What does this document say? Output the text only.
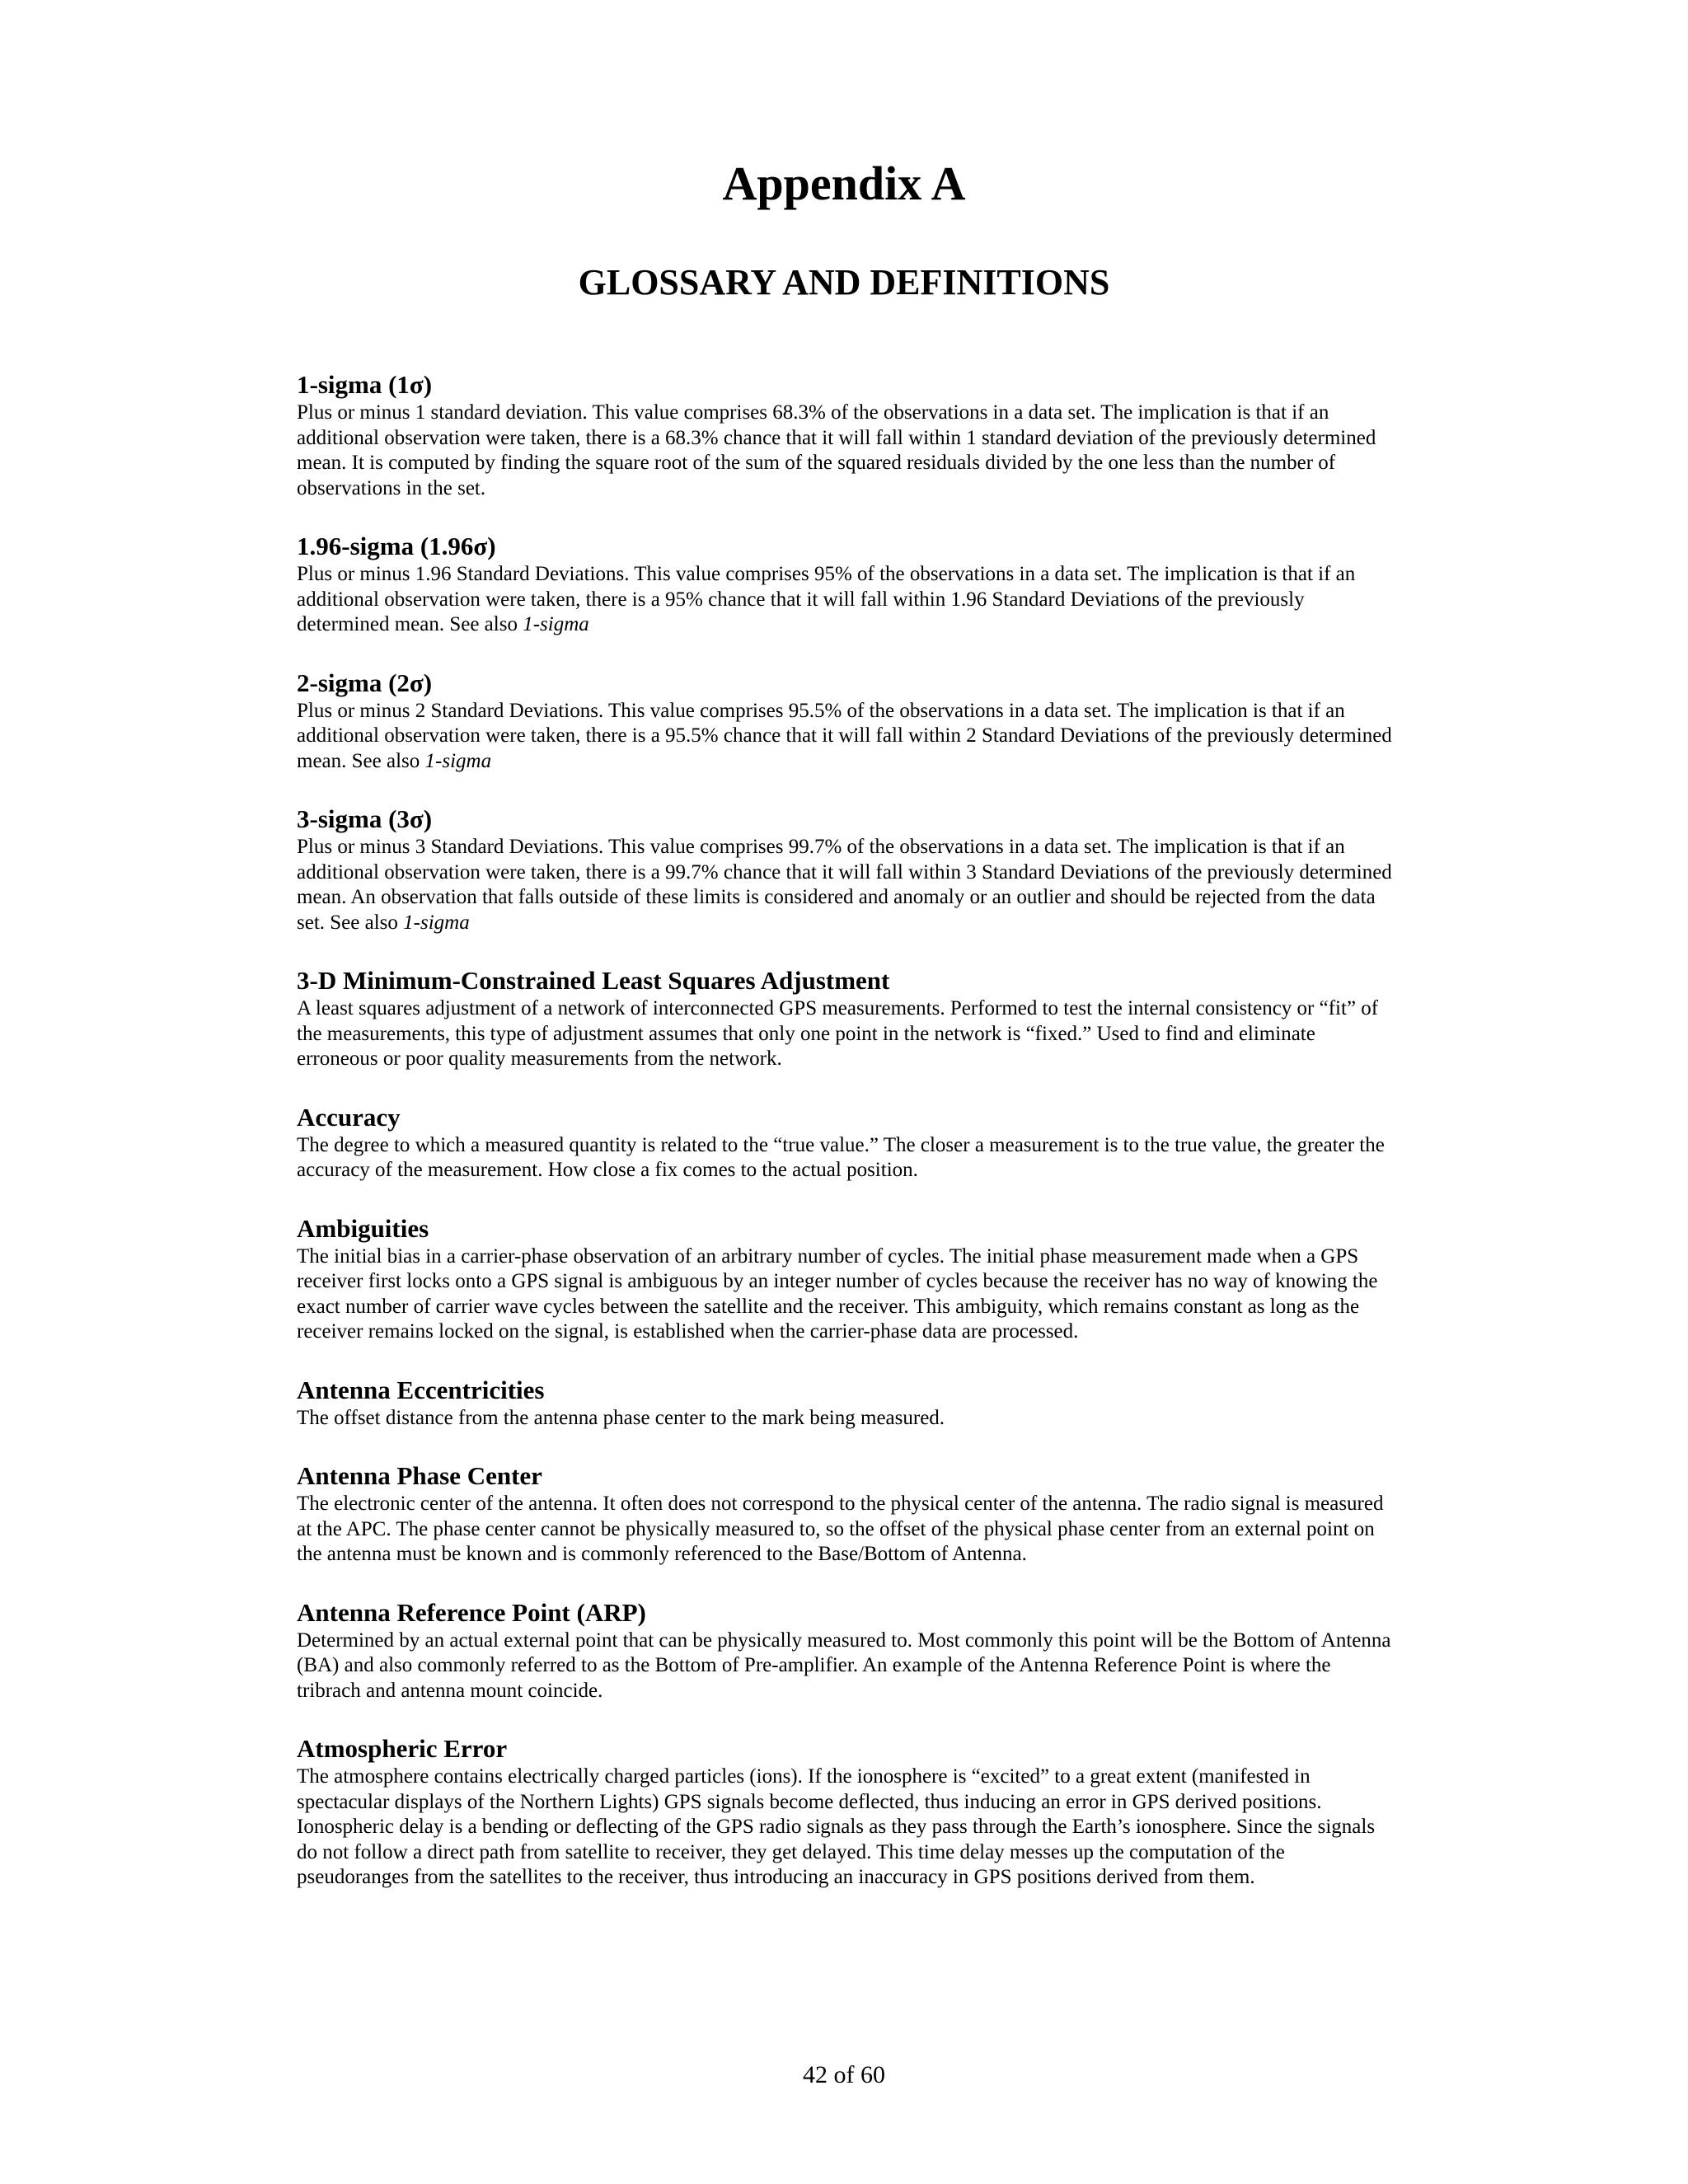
Appendix A
GLOSSARY AND DEFINITIONS

1-sigma (1σ)

Plus or minus 1 standard deviation. This value comprises 68.3% of the observations in a data set. The implication is that if an additional observation were taken, there is a 68.3% chance that it will fall within 1 standard deviation of the previously determined mean. It is computed by finding the square root of the sum of the squared residuals divided by the one less than the number of observations in the set.

1.96-sigma (1.96σ)

Plus or minus 1.96 Standard Deviations. This value comprises 95% of the observations in a data set. The implication is that if an additional observation were taken, there is a 95% chance that it will fall within 1.96 Standard Deviations of the previously determined mean. See also 1-sigma

2-sigma (2σ)

Plus or minus 2 Standard Deviations. This value comprises 95.5% of the observations in a data set. The implication is that if an additional observation were taken, there is a 95.5% chance that it will fall within 2 Standard Deviations of the previously determined mean. See also 1-sigma

3-sigma (3σ)

Plus or minus 3 Standard Deviations. This value comprises 99.7% of the observations in a data set. The implication is that if an additional observation were taken, there is a 99.7% chance that it will fall within 3 Standard Deviations of the previously determined mean. An observation that falls outside of these limits is considered and anomaly or an outlier and should be rejected from the data set. See also 1-sigma

3-D Minimum-Constrained Least Squares Adjustment

A least squares adjustment of a network of interconnected GPS measurements. Performed to test the internal consistency or “fit” of the measurements, this type of adjustment assumes that only one point in the network is “fixed.” Used to find and eliminate erroneous or poor quality measurements from the network.

Accuracy

The degree to which a measured quantity is related to the “true value.” The closer a measurement is to the true value, the greater the accuracy of the measurement. How close a fix comes to the actual position.

Ambiguities

The initial bias in a carrier-phase observation of an arbitrary number of cycles. The initial phase measurement made when a GPS receiver first locks onto a GPS signal is ambiguous by an integer number of cycles because the receiver has no way of knowing the exact number of carrier wave cycles between the satellite and the receiver. This ambiguity, which remains constant as long as the receiver remains locked on the signal, is established when the carrier-phase data are processed.

Antenna Eccentricities

The offset distance from the antenna phase center to the mark being measured.

Antenna Phase Center

The electronic center of the antenna. It often does not correspond to the physical center of the antenna. The radio signal is measured at the APC. The phase center cannot be physically measured to, so the offset of the physical phase center from an external point on the antenna must be known and is commonly referenced to the Base/Bottom of Antenna.

Antenna Reference Point (ARP)

Determined by an actual external point that can be physically measured to. Most commonly this point will be the Bottom of Antenna (BA) and also commonly referred to as the Bottom of Pre-amplifier. An example of the Antenna Reference Point is where the tribrach and antenna mount coincide.

Atmospheric Error

The atmosphere contains electrically charged particles (ions). If the ionosphere is “excited” to a great extent (manifested in spectacular displays of the Northern Lights) GPS signals become deflected, thus inducing an error in GPS derived positions. Ionospheric delay is a bending or deflecting of the GPS radio signals as they pass through the Earth’s ionosphere. Since the signals do not follow a direct path from satellite to receiver, they get delayed. This time delay messes up the computation of the pseudoranges from the satellites to the receiver, thus introducing an inaccuracy in GPS positions derived from them.

42 of 60
